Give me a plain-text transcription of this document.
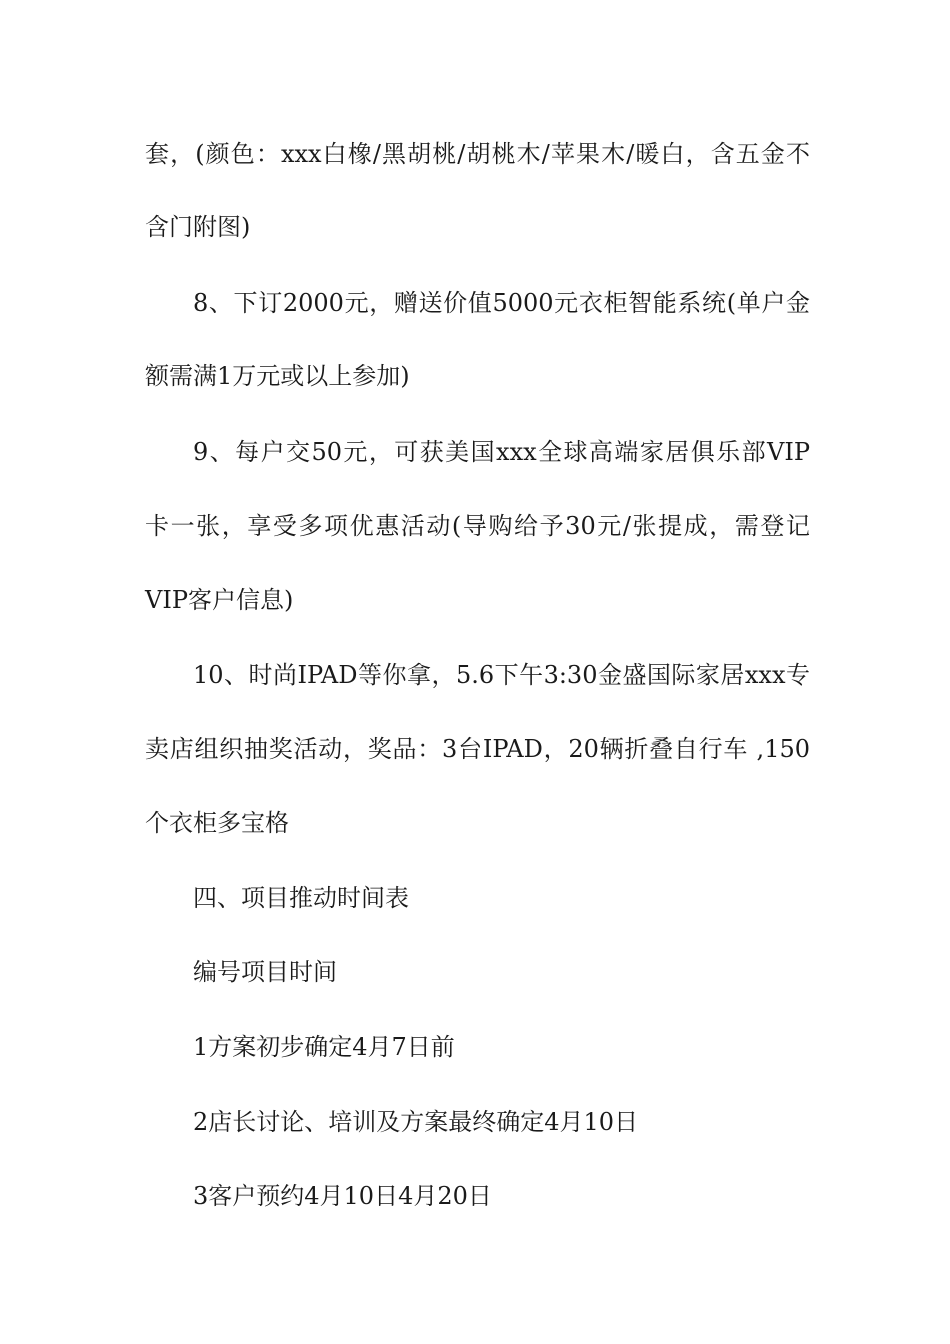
套，(颜色：xxx白橡/黑胡桃/胡桃木/苹果木/暖白，含五金不
含门附图)
8、下订2000元，赠送价值5000元衣柜智能系统(单户金
额需满1万元或以上参加)
9、每户交50元，可获美国xxx全球高端家居俱乐部VIP
卡一张，享受多项优惠活动(导购给予30元/张提成，需登记
VIP客户信息)
10、时尚IPAD等你拿，5.6下午3:30金盛国际家居xxx专
卖店组织抽奖活动，奖品：3台IPAD，20辆折叠自行车 ,150
个衣柜多宝格
四、项目推动时间表
编号项目时间
1方案初步确定4月7日前
2店长讨论、培训及方案最终确定4月10日
3客户预约4月10日4月20日
